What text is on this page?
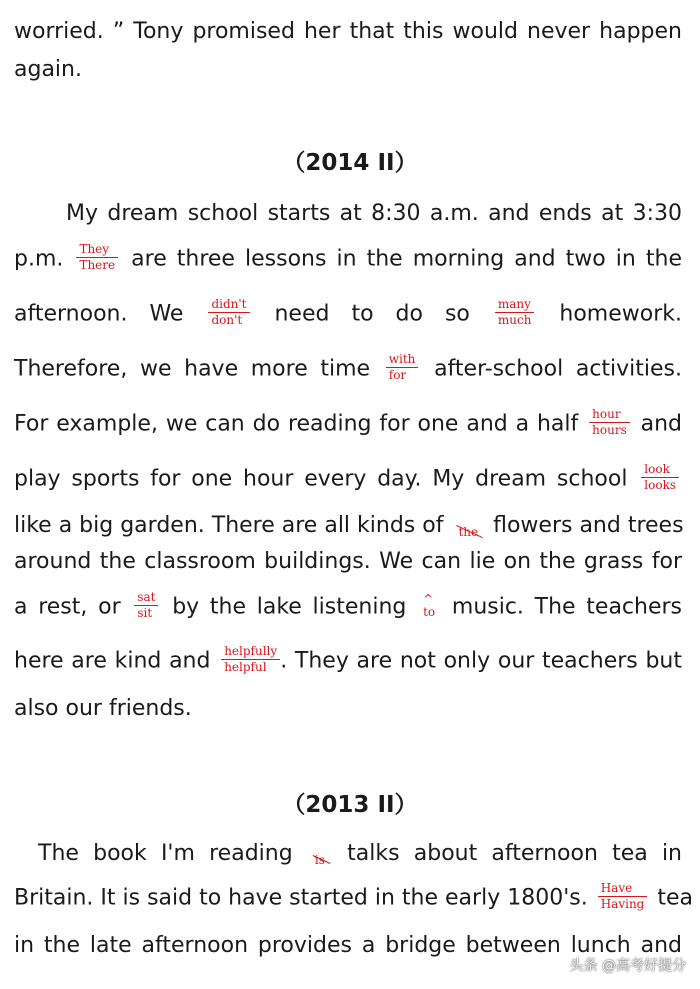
worried. ” Tony promised her that this would never happen
again.
（2014 II）
My dream school starts at 8:30 a.m. and ends at 3:30
p.m. They
There are three lessons in the morning and two in the
afternoon. We didn't
don't	need to do so many
much homework.
Therefore, we have more time with
for	after-school activities.
For example, we can do reading for one and a half hour
hours and
play sports for one hour every day. My dream school look
looks
like a big garden. There are all kinds of the flowers and trees
around the classroom buildings. We can lie on the grass for
a rest, or sat
sit by the lake listening ^
to music. The teachers
here are kind and helpfully
helpful . They are not only our teachers but
also our friends.
（2013 II）
The book I'm reading is talks about afternoon tea in
Britain. It is said to have started in the early 1800's. Have
Having tea
in the late afternoon provides a bridge between lunch and
头条 @高考好提分
